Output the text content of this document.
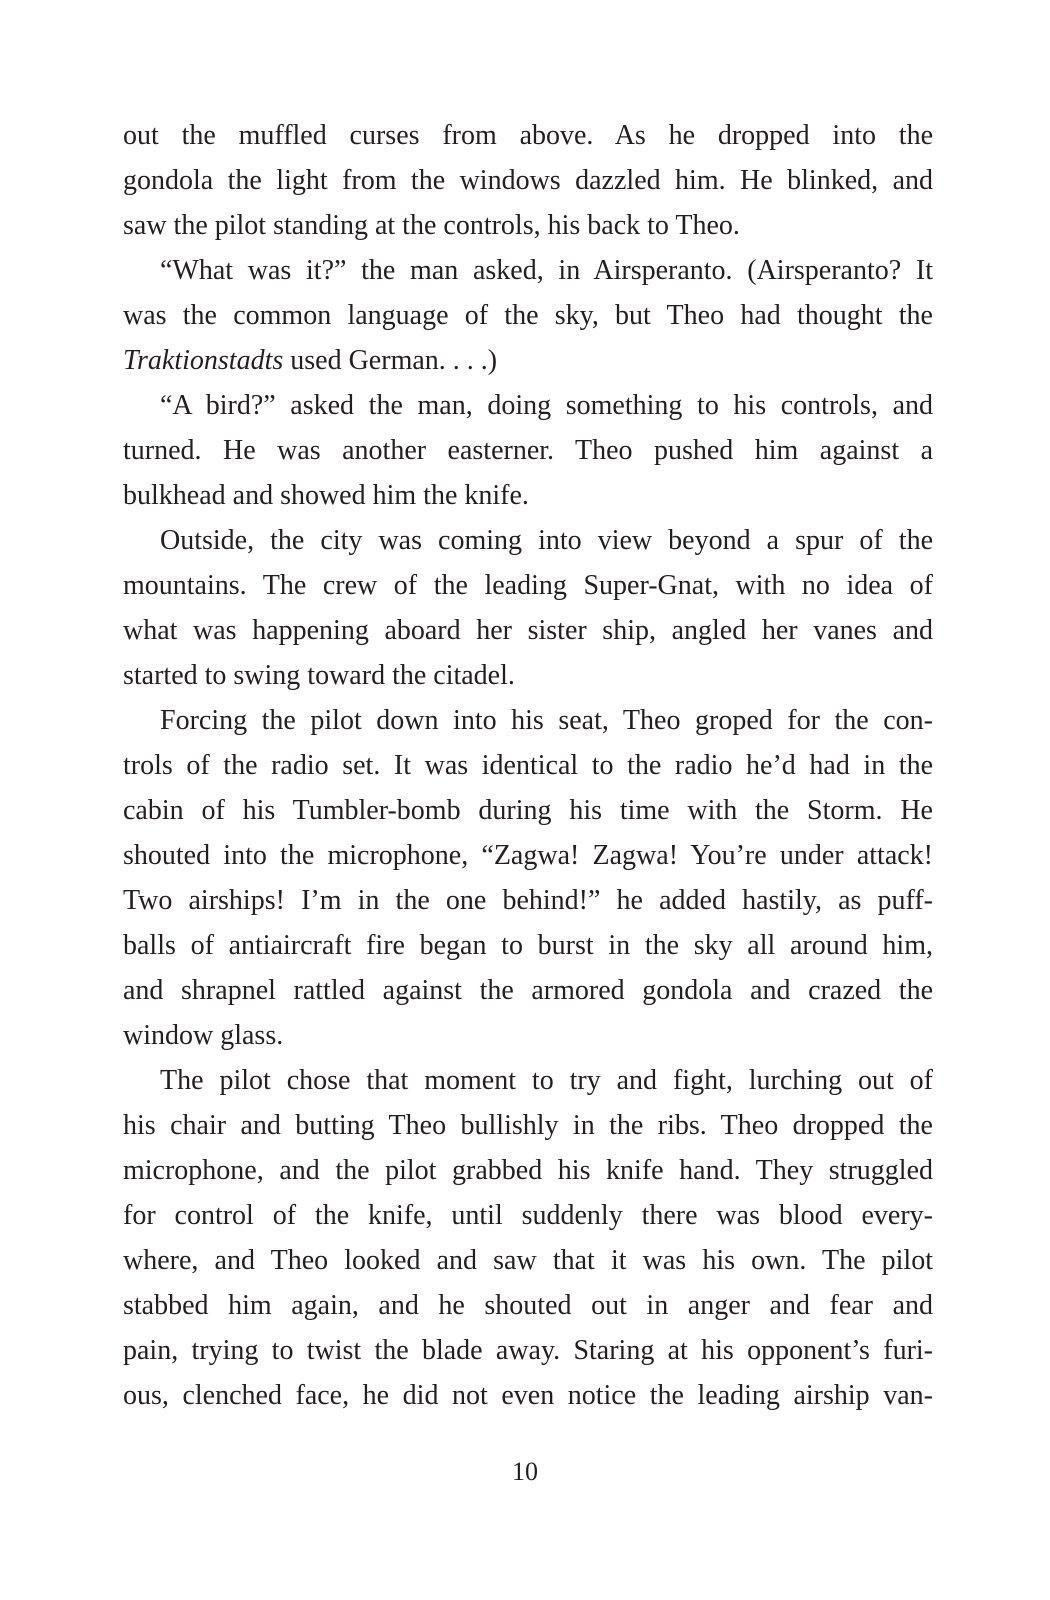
out the muffled curses from above. As he dropped into the
gondola the light from the windows dazzled him. He blinked, and
saw the pilot standing at the controls, his back to Theo.
“What was it?” the man asked, in Airsperanto. (Airsperanto? It
was the common language of the sky, but Theo had thought the
Traktionstadts used German. . . .)
“A bird?” asked the man, doing something to his controls, and
turned. He was another easterner. Theo pushed him against a
bulkhead and showed him the knife.
Outside, the city was coming into view beyond a spur of the
mountains. The crew of the leading Super-Gnat, with no idea of
what was happening aboard her sister ship, angled her vanes and
started to swing toward the citadel.
Forcing the pilot down into his seat, Theo groped for the con-
trols of the radio set. It was identical to the radio he’d had in the
cabin of his Tumbler-bomb during his time with the Storm. He
shouted into the microphone, “Zagwa! Zagwa! You’re under attack!
Two airships! I’m in the one behind!” he added hastily, as puff-
balls of antiaircraft fire began to burst in the sky all around him,
and shrapnel rattled against the armored gondola and crazed the
window glass.
The pilot chose that moment to try and fight, lurching out of
his chair and butting Theo bullishly in the ribs. Theo dropped the
microphone, and the pilot grabbed his knife hand. They struggled
for control of the knife, until suddenly there was blood every-
where, and Theo looked and saw that it was his own. The pilot
stabbed him again, and he shouted out in anger and fear and
pain, trying to twist the blade away. Staring at his opponent’s furi-
ous, clenched face, he did not even notice the leading airship van-
10
